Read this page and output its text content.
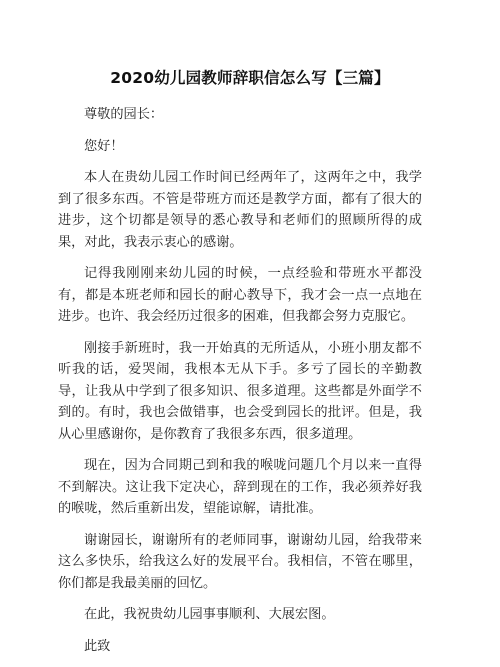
2020幼儿园教师辞职信怎么写【三篇】

尊敬的园长：

您好！

本人在贵幼儿园工作时间已经两年了，这两年之中，我学到了很多东西。不管是带班方而还是教学方面，都有了很大的进步，这个切都是领导的悉心教导和老师们的照顾所得的成果，对此，我表示衷心的感谢。

记得我刚刚来幼儿园的时候，一点经验和带班水平都没有，都是本班老师和园长的耐心教导下，我才会一点一点地在进步。也许、我会经历过很多的困难，但我都会努力克服它。

刚接手新班时，我一开始真的无所适从，小班小朋友都不听我的话，爱哭闹，我根本无从下手。多亏了园长的辛勤教导，让我从中学到了很多知识、很多道理。这些都是外面学不到的。有时，我也会做错事，也会受到园长的批评。但是，我从心里感谢你，是你教育了我很多东西，很多道理。

现在，因为合同期己到和我的喉咙问题几个月以来一直得不到解决。这让我下定决心，辞到现在的工作，我必须养好我的喉咙，然后重新出发，望能谅解，请批准。

谢谢园长，谢谢所有的老师同事，谢谢幼儿园，给我带来这么多快乐，给我这么好的发展平台。我相信，不管在哪里，你们都是我最美丽的回忆。

在此，我祝贵幼儿园事事顺利、大展宏图。

此致
